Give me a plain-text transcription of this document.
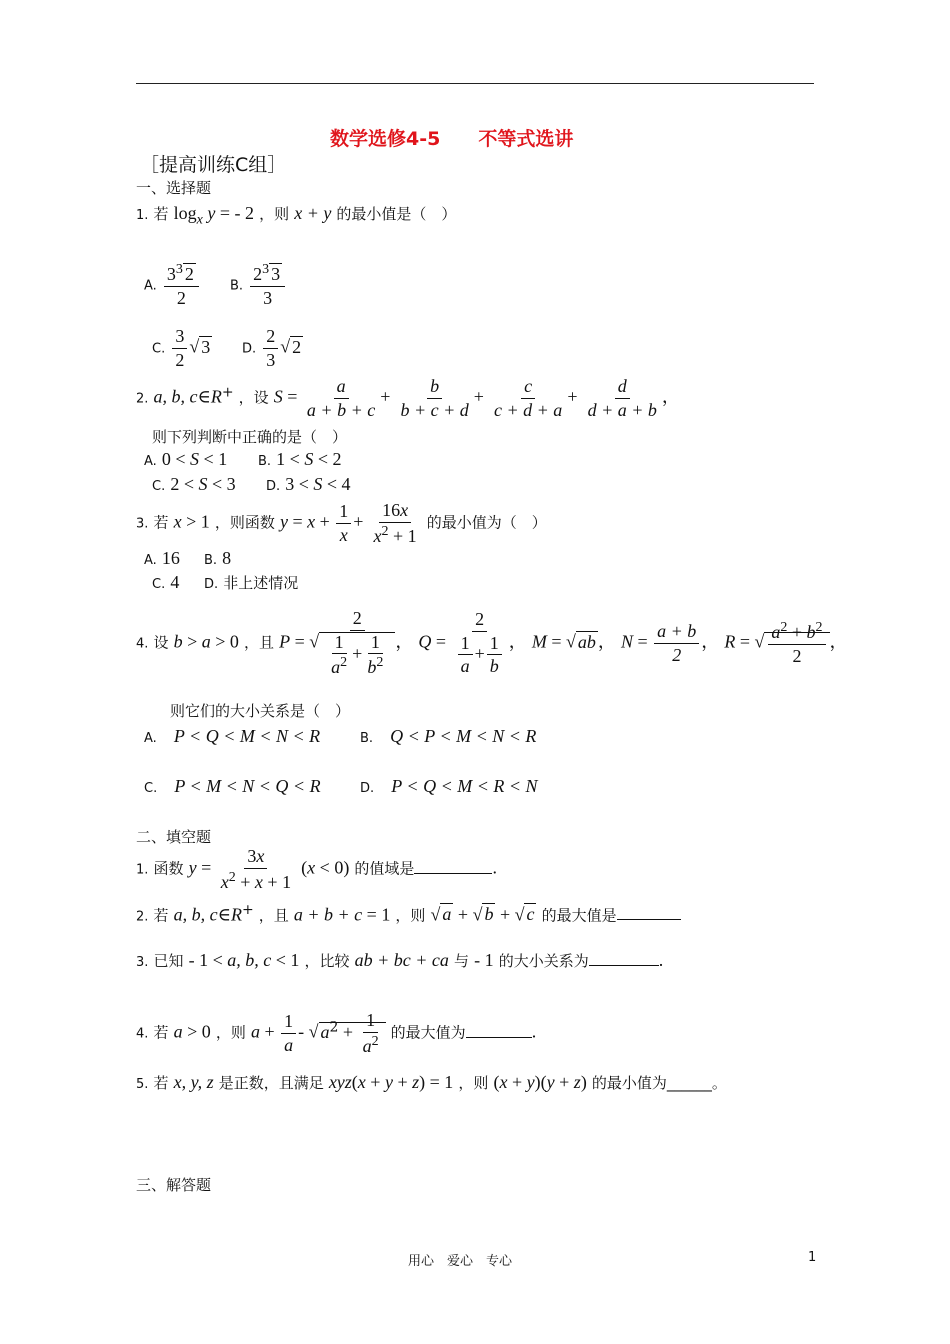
数学选修4-5　　不等式选讲
［提高训练C组］
一、选择题
1. 若 $\log_x y$ = - 2 ，则 x + y 的最小值是（　）
A. $\frac{3^3 2}{2} B$. $\frac{2^3 3}{3}$
C. $\frac{3}{2}$ √ 3 D. $\frac{2}{3}$ √ 2
2. a, b, c∈R+ ，设 $S = \frac{a}{a + b + c} + \frac{b}{b + c + d} + \frac{c}{c + d + a} + \frac{d}{d + a + b}$ ，
则下列判断中正确的是（　）
A. 0 < S < 1 B. 1 < S < 2
C. 2 < S < 3 D. 3 < S < 4
3. 若 x > 1 ，则函数 $y = x + \frac{1}{x} + \frac{16x}{x^2 + 1}$ 的最小值为（　）
A. 16 B. 8
C. 4 D. 非上述情况
4. 设 b > a > 0 ，且 P = √ $\frac{2}{\frac{1}{a^2} + \frac{1}{b^2}}$ ， $Q = \frac{2}{\frac{1}{a} + \frac{1}{b}}$ ， M = √ ab ， $N = \frac{a + b}{2}$ ， R = √ $\frac{a^2 + b^2}{2}$ ，
则它们的大小关系是（　）
A. P < Q < M < N < R	B. Q < P < M < N < R
C. P < M < N < Q < R	D. P < Q < M < R < N
二、填空题
1. 函数 $y = \frac{3x}{x^2 + x + 1} (x < 0)$ 的值域是	.
2. 若 a, b, c∈R+ ，且 a + b + c = 1 ，则 √ a + √ b + √ c 的最大值是
3. 已知 - 1 < a, b, c < 1 ，比较 ab + bc + ca 与 - 1 的大小关系为	.
4. 若 a > 0 ，则 $a + \frac{1}{a}$ - √ $a^2 + \frac{1}{a^2}$ 的最大值为	.
5. 若 x, y, z 是正数，且满足 xyz(x + y + z) = 1 ，则 (x + y)(y + z) 的最小值为______。
三、解答题
用心　爱心　专心	1
